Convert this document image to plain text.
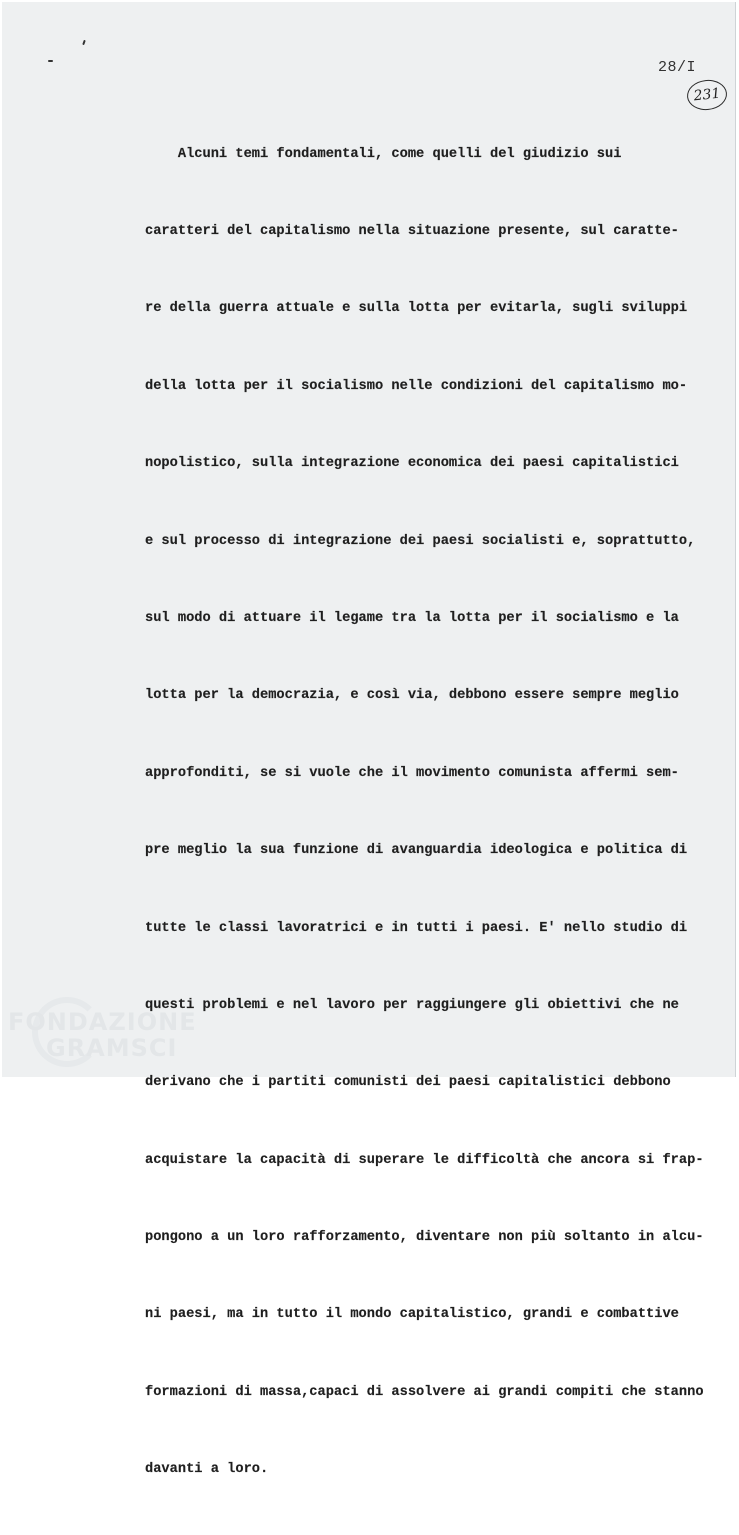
28/I
231

Alcuni temi fondamentali, come quelli del giudizio sui

caratteri del capitalismo nella situazione presente, sul caratte-

re della guerra attuale e sulla lotta per evitarla, sugli sviluppi

della lotta per il socialismo nelle condizioni del capitalismo mo-

nopolistico, sulla integrazione economica dei paesi capitalistici

e sul processo di integrazione dei paesi socialisti e, soprattutto,

sul modo di attuare il legame tra la lotta per il socialismo e la

lotta per la democrazia, e così via, debbono essere sempre meglio

approfonditi, se si vuole che il movimento comunista affermi sem-

pre meglio la sua funzione di avanguardia ideologica e politica di

tutte le classi lavoratrici e in tutti i paesi. E' nello studio di

questi problemi e nel lavoro per raggiungere gli obiettivi che ne

derivano che i partiti comunisti dei paesi capitalistici debbono

acquistare la capacità di superare le difficoltà che ancora si frap-

pongono a un loro rafforzamento, diventare non più soltanto in alcu-

ni paesi, ma in tutto il mondo capitalistico, grandi e combattive

formazioni di massa,capaci di assolvere ai grandi compiti che stanno

davanti a loro.

FONDAZIONE
GRAMSCI
